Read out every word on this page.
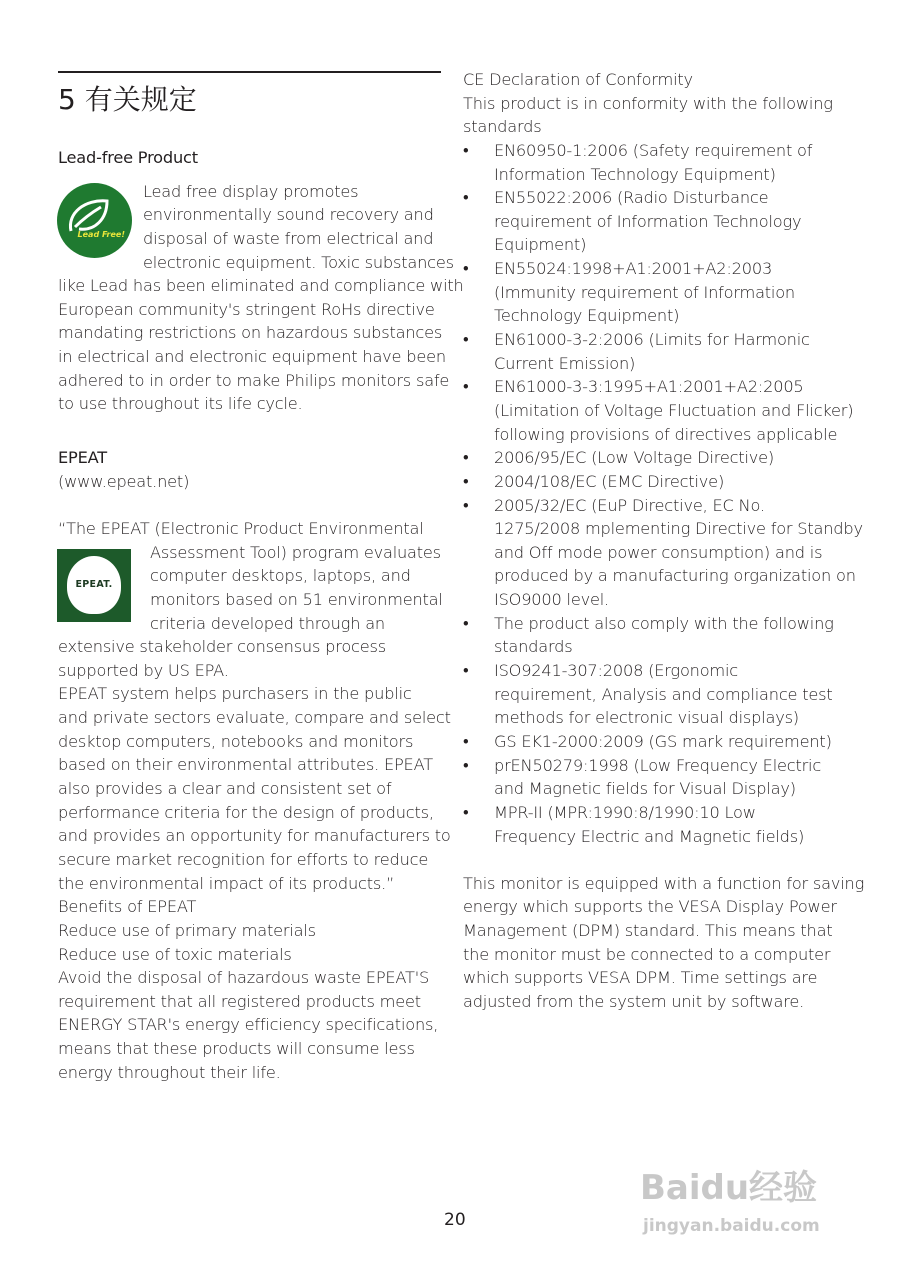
5 有关规定
Lead Free!
EPEAT.
Lead-free Product
Lead free display promotes
environmentally sound recovery and
disposal of waste from electrical and
electronic equipment. Toxic substances
like Lead has been eliminated and compliance with
European community's stringent RoHs directive
mandating restrictions on hazardous substances
in electrical and electronic equipment have been
adhered to in order to make Philips monitors safe
to use throughout its life cycle.
EPEAT
(www.epeat.net)
“The EPEAT (Electronic Product Environmental
Assessment Tool) program evaluates
computer desktops, laptops, and
monitors based on 51 environmental
criteria developed through an
extensive stakeholder consensus process
supported by US EPA.
EPEAT system helps purchasers in the public
and private sectors evaluate, compare and select
desktop computers, notebooks and monitors
based on their environmental attributes. EPEAT
also provides a clear and consistent set of
performance criteria for the design of products,
and provides an opportunity for manufacturers to
secure market recognition for efforts to reduce
the environmental impact of its products.”
Benefits of EPEAT
Reduce use of primary materials
Reduce use of toxic materials
Avoid the disposal of hazardous waste EPEAT'S
requirement that all registered products meet
ENERGY STAR's energy efficiency specifications,
means that these products will consume less
energy throughout their life.
CE Declaration of Conformity
This product is in conformity with the following
standards
• EN60950-1:2006 (Safety requirement of
Information Technology Equipment)
• EN55022:2006 (Radio Disturbance
requirement of Information Technology
Equipment)
• EN55024:1998+A1:2001+A2:2003
(Immunity requirement of Information
Technology Equipment)
• EN61000-3-2:2006 (Limits for Harmonic
Current Emission)
• EN61000-3-3:1995+A1:2001+A2:2005
(Limitation of Voltage Fluctuation and Flicker)
following provisions of directives applicable
• 2006/95/EC (Low Voltage Directive)
• 2004/108/EC (EMC Directive)
• 2005/32/EC (EuP Directive, EC No.
1275/2008 mplementing Directive for Standby
and Off mode power consumption) and is
produced by a manufacturing organization on
ISO9000 level.
• The product also comply with the following
standards
• ISO9241-307:2008 (Ergonomic
requirement, Analysis and compliance test
methods for electronic visual displays)
• GS EK1-2000:2009 (GS mark requirement)
• prEN50279:1998 (Low Frequency Electric
and Magnetic fields for Visual Display)
• MPR-II (MPR:1990:8/1990:10 Low
Frequency Electric and Magnetic fields)
This monitor is equipped with a function for saving
energy which supports the VESA Display Power
Management (DPM) standard. This means that
the monitor must be connected to a computer
which supports VESA DPM. Time settings are
adjusted from the system unit by software.
20
Baidu经验
jingyan.baidu.com
